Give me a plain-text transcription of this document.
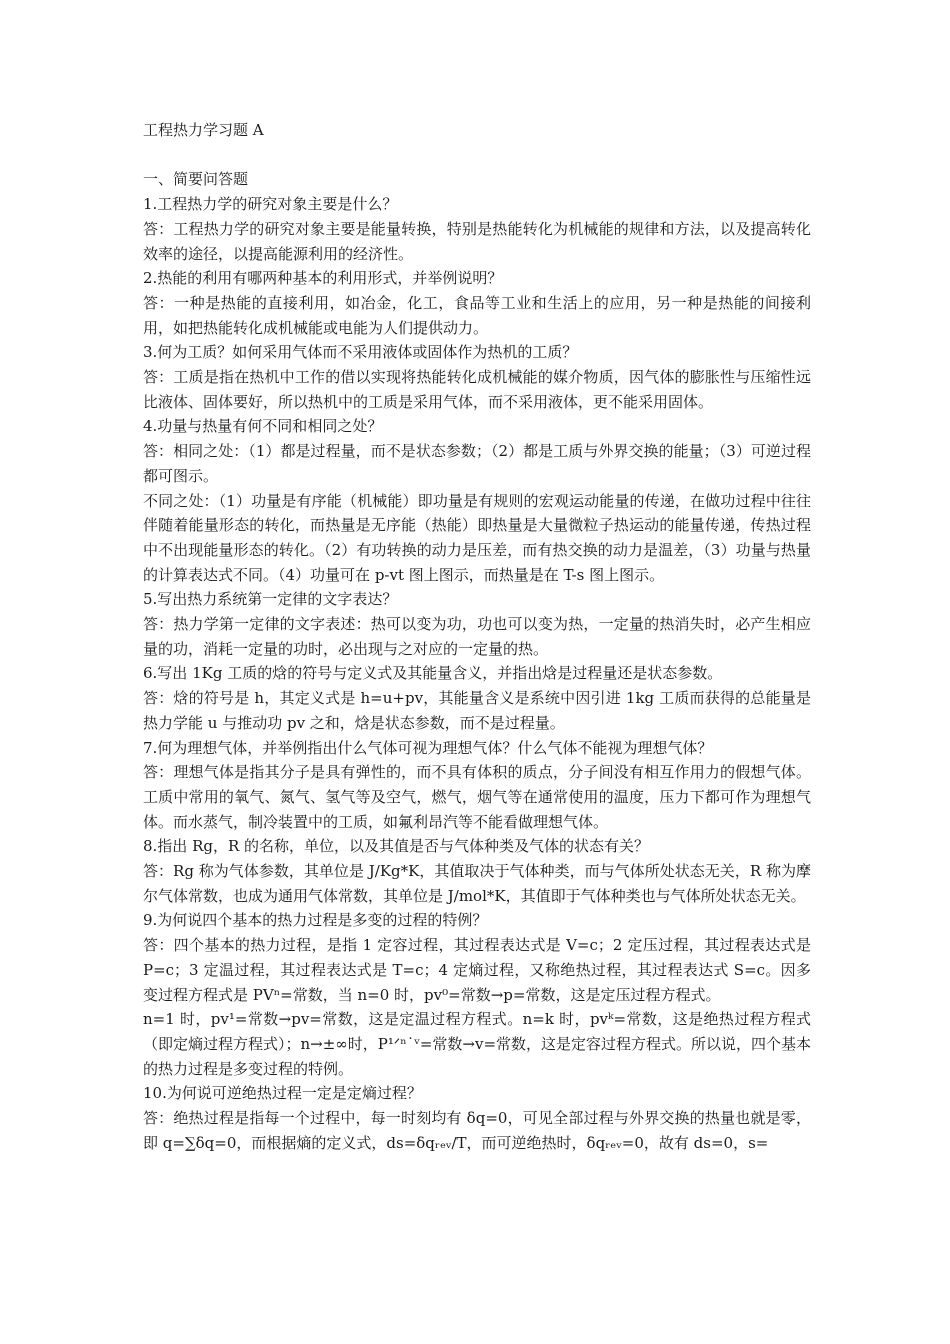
工程热力学习题 A

一、简要问答题

1.工程热力学的研究对象主要是什么？

答：工程热力学的研究对象主要是能量转换，特别是热能转化为机械能的规律和方法，以及提高转化效率的途径，以提高能源利用的经济性。

2.热能的利用有哪两种基本的利用形式，并举例说明？

答：一种是热能的直接利用，如冶金，化工，食品等工业和生活上的应用，另一种是热能的间接利用，如把热能转化成机械能或电能为人们提供动力。

3.何为工质？如何采用气体而不采用液体或固体作为热机的工质？

答：工质是指在热机中工作的借以实现将热能转化成机械能的媒介物质，因气体的膨胀性与压缩性远比液体、固体要好，所以热机中的工质是采用气体，而不采用液体，更不能采用固体。

4.功量与热量有何不同和相同之处？

答：相同之处：（1）都是过程量，而不是状态参数；（2）都是工质与外界交换的能量；（3）可逆过程都可图示。

不同之处：（1）功量是有序能（机械能）即功量是有规则的宏观运动能量的传递，在做功过程中往往伴随着能量形态的转化，而热量是无序能（热能）即热量是大量微粒子热运动的能量传递，传热过程中不出现能量形态的转化。（2）有功转换的动力是压差，而有热交换的动力是温差，（3）功量与热量的计算表达式不同。（4）功量可在 p-vt 图上图示，而热量是在 T-s 图上图示。

5.写出热力系统第一定律的文字表达？

答：热力学第一定律的文字表述：热可以变为功，功也可以变为热，一定量的热消失时，必产生相应量的功，消耗一定量的功时，必出现与之对应的一定量的热。

6.写出 1Kg 工质的焓的符号与定义式及其能量含义，并指出焓是过程量还是状态参数。

答：焓的符号是 h，其定义式是 h=u+pv，其能量含义是系统中因引进 1kg 工质而获得的总能量是热力学能 u 与推动功 pv 之和，焓是状态参数，而不是过程量。

7.何为理想气体，并举例指出什么气体可视为理想气体？什么气体不能视为理想气体？

答：理想气体是指其分子是具有弹性的，而不具有体积的质点，分子间没有相互作用力的假想气体。工质中常用的氧气、氮气、氢气等及空气，燃气，烟气等在通常使用的温度，压力下都可作为理想气体。而水蒸气，制冷装置中的工质，如氟利昂汽等不能看做理想气体。

8.指出 Rg，R 的名称，单位，以及其值是否与气体种类及气体的状态有关？

答：Rg 称为气体参数，其单位是 J/Kg*K，其值取决于气体种类，而与气体所处状态无关，R 称为摩尔气体常数，也成为通用气体常数，其单位是 J/mol*K，其值即于气体种类也与气体所处状态无关。

9.为何说四个基本的热力过程是多变的过程的特例？

答：四个基本的热力过程，是指 1 定容过程，其过程表达式是 V=c；2 定压过程，其过程表达式是 P=c；3 定温过程，其过程表达式是 T=c；4 定熵过程，又称绝热过程，其过程表达式 S=c。因多变过程方程式是 PVⁿ=常数，当 n=0 时，pv⁰=常数→p=常数，这是定压过程方程式。

n=1 时，pv¹=常数→pv=常数，这是定温过程方程式。n=k 时，pvᵏ=常数，这是绝热过程方程式（即定熵过程方程式）；n→±∞时，P¹ᐟⁿ˙ᵛ=常数→v=常数，这是定容过程方程式。所以说，四个基本的热力过程是多变过程的特例。

10.为何说可逆绝热过程一定是定熵过程？

答：绝热过程是指每一个过程中，每一时刻均有 δq=0，可见全部过程与外界交换的热量也就是零，即 q=∑δq=0，而根据熵的定义式，ds=δqᵣₑᵥ/T，而可逆绝热时，δqᵣₑᵥ=0，故有 ds=0，s=
